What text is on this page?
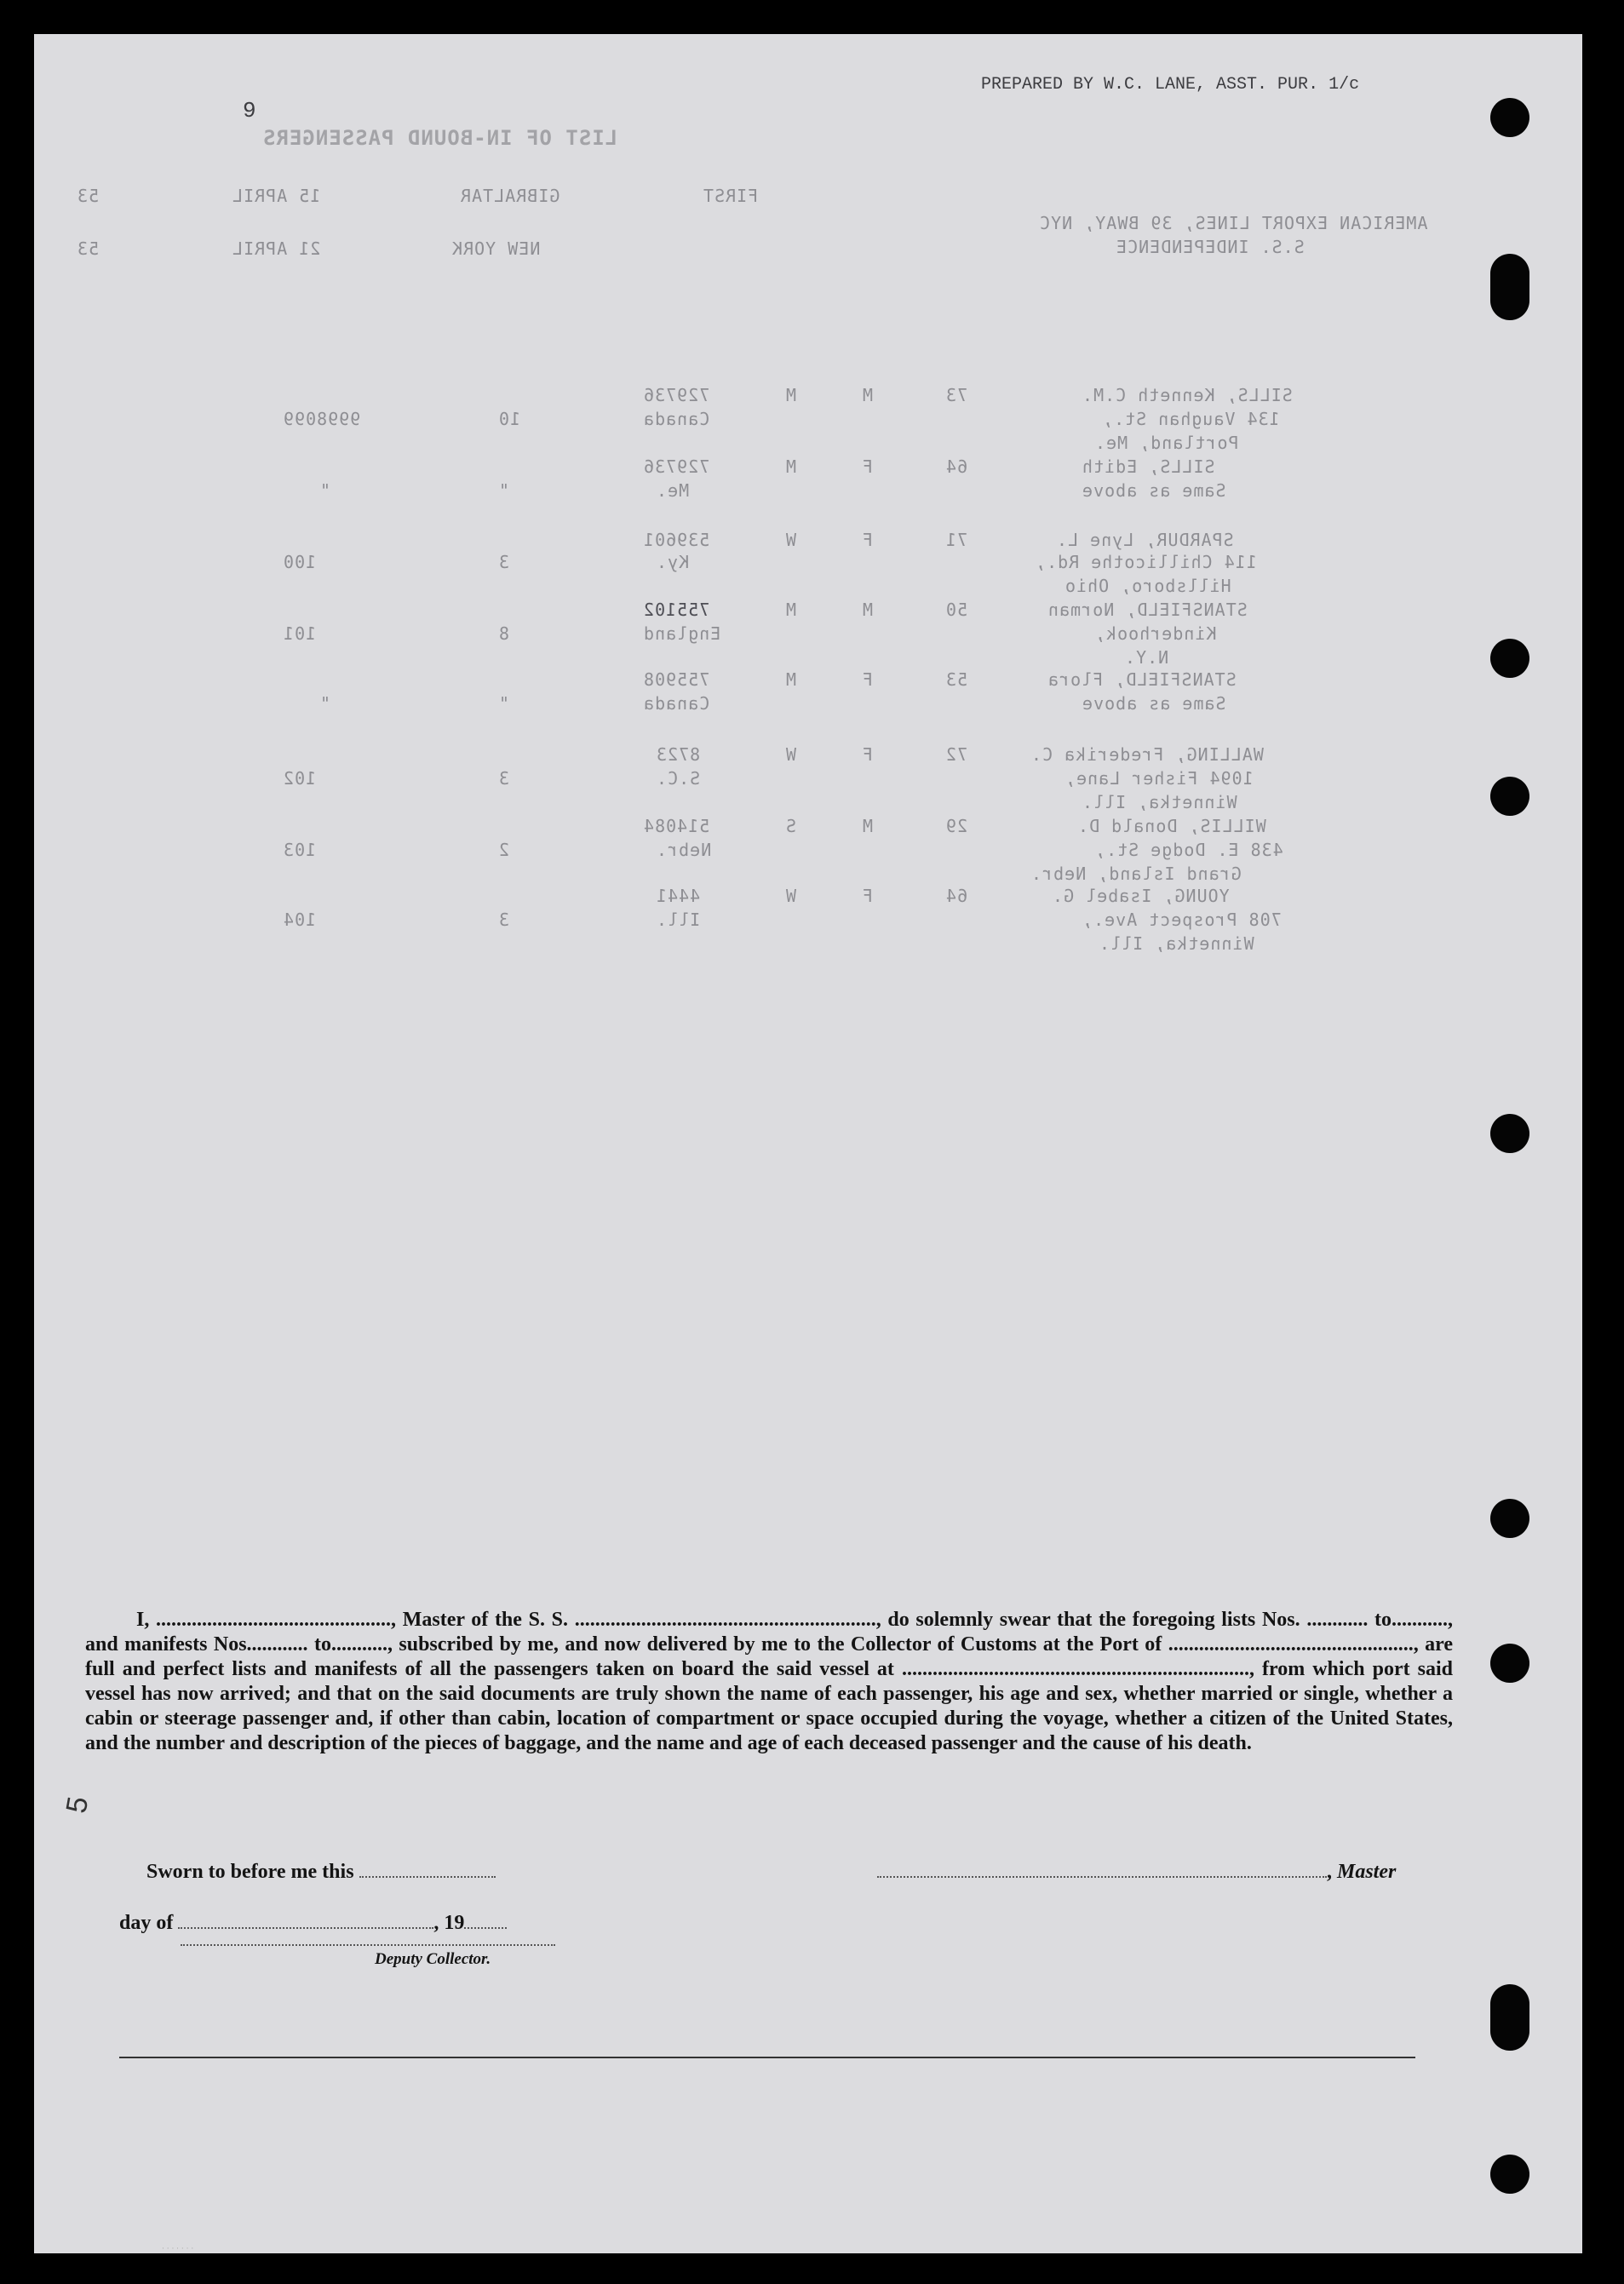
PREPARED BY W.C. LANE, ASST. PUR. 1/c
9
LIST OF IN-BOUND PASSENGERS
FIRST
GIBRALTAR
15 APRIL
53
AMERICAN EXPORT LINES, 39 BWAY, NYC
S.S. INDEPENDENCE
NEW YORK
21 APRIL
53
SILLS, Kenneth C.M.
134 Vaughan St.,
Portland, Me.
73
M
M
729736
Canada
10
9998099
SILLS, Edith
Same as above
64
F
M
729736
Me.
"
"
SPARDUR, Lyne L.
114 Chillicothe Rd.,
Hillsboro, Ohio
71
F
W
539601
Ky.
3
100
STANSFIELD, Norman
Kinderhook,
N.Y.
50
M
M
755102
England
8
101
STANSFIELD, Flora
Same as above
53
F
M
755908
Canada
"
"
WALLING, Frederika C.
1094 Fisher Lane,
Winnetka, Ill.
72
F
W
8723
S.C.
3
102
WILLIS, Donald D.
438 E. Dodge St.,
Grand Island, Nebr.
29
M
S
514084
Nebr.
2
103
YOUNG, Isabel G.
708 Prospect Ave.,
Winnetka, Ill.
64
F
W
4441
Ill.
3
104

I, .............................................., Master of the S. S. ..........................................................., do solemnly swear that the foregoing lists Nos. ............ to..........., and manifests Nos............ to..........., subscribed by me, and now delivered by me to the Collector of Customs at the Port of ................................................, are full and perfect lists and manifests of all the passengers taken on board the said vessel at ...................................................................., from which port said vessel has now arrived; and that on the said documents are truly shown the name of each passenger, his age and sex, whether married or single, whether a cabin or steerage passenger and, if other than cabin, location of compartment or space occupied during the voyage, whether a citizen of the United States, and the number and description of the pieces of baggage, and the name and age of each deceased passenger and the cause of his death.

5
Sworn to before me this	, Master
day of	, 19
Deputy Collector.
· · · · · · ·
